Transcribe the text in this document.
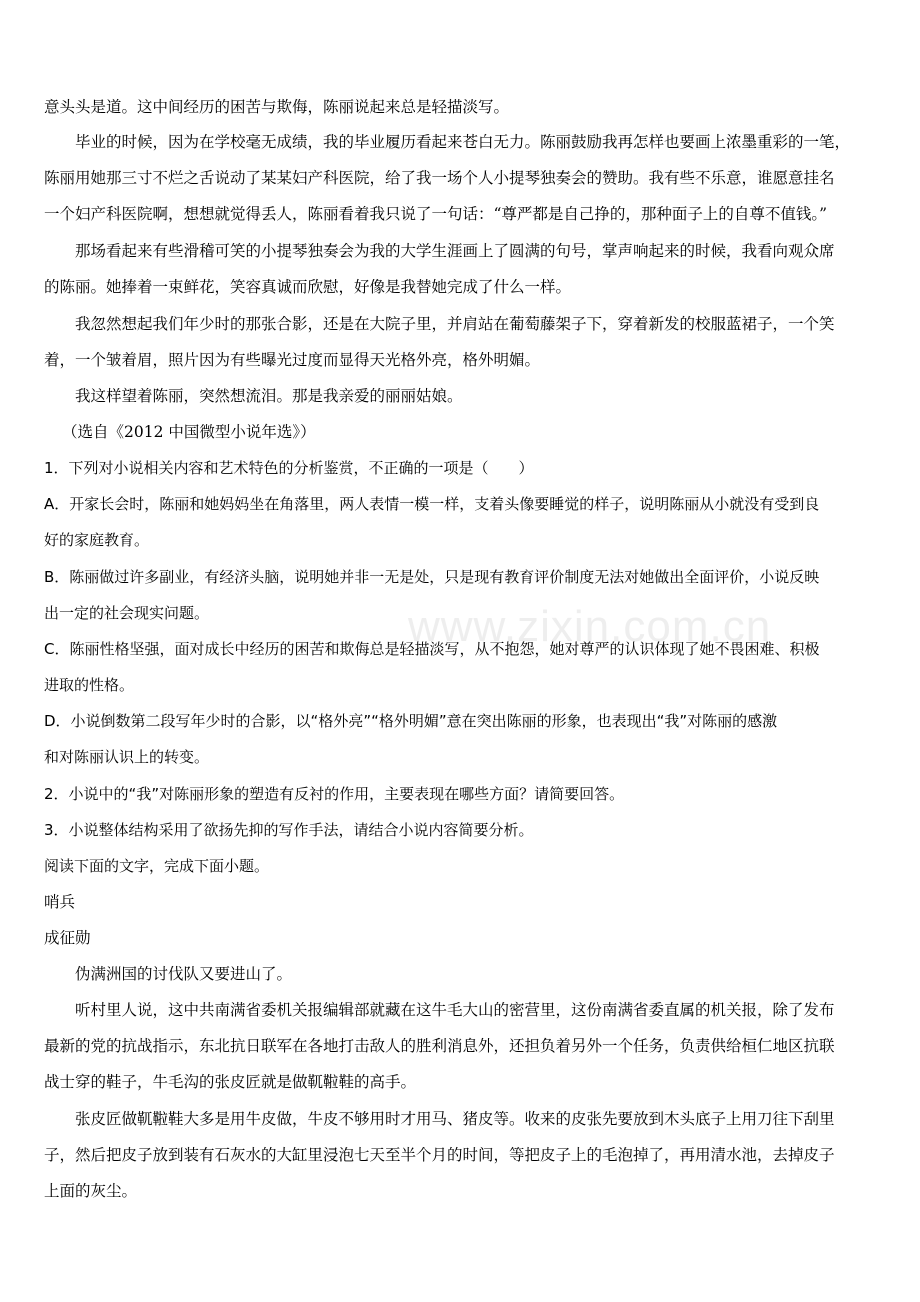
www.zixin.com.cn
意头头是道。这中间经历的困苦与欺侮，陈丽说起来总是轻描淡写。
毕业的时候，因为在学校毫无成绩，我的毕业履历看起来苍白无力。陈丽鼓励我再怎样也要画上浓墨重彩的一笔，
陈丽用她那三寸不烂之舌说动了某某妇产科医院，给了我一场个人小提琴独奏会的赞助。我有些不乐意，谁愿意挂名
一个妇产科医院啊，想想就觉得丢人，陈丽看着我只说了一句话：“尊严都是自己挣的，那种面子上的自尊不值钱。”
那场看起来有些滑稽可笑的小提琴独奏会为我的大学生涯画上了圆满的句号，掌声响起来的时候，我看向观众席
的陈丽。她捧着一束鲜花，笑容真诚而欣慰，好像是我替她完成了什么一样。
我忽然想起我们年少时的那张合影，还是在大院子里，并肩站在葡萄藤架子下，穿着新发的校服蓝裙子，一个笑
着，一个皱着眉，照片因为有些曝光过度而显得天光格外亮，格外明媚。
我这样望着陈丽，突然想流泪。那是我亲爱的丽丽姑娘。
（选自《2012 中国微型小说年选》）
1．下列对小说相关内容和艺术特色的分析鉴赏，不正确的一项是（　　）
A．开家长会时，陈丽和她妈妈坐在角落里，两人表情一模一样，支着头像要睡觉的样子，说明陈丽从小就没有受到良
好的家庭教育。
B．陈丽做过许多副业，有经济头脑，说明她并非一无是处，只是现有教育评价制度无法对她做出全面评价，小说反映
出一定的社会现实问题。
C．陈丽性格坚强，面对成长中经历的困苦和欺侮总是轻描淡写，从不抱怨，她对尊严的认识体现了她不畏困难、积极
进取的性格。
D．小说倒数第二段写年少时的合影，以“格外亮”“格外明媚”意在突出陈丽的形象，也表现出“我”对陈丽的感激
和对陈丽认识上的转变。
2．小说中的“我”对陈丽形象的塑造有反衬的作用，主要表现在哪些方面？请简要回答。
3．小说整体结构采用了欲扬先抑的写作手法，请结合小说内容简要分析。
阅读下面的文字，完成下面小题。
哨兵
成征勋
伪满洲国的讨伐队又要进山了。
听村里人说，这中共南满省委机关报编辑部就藏在这牛毛大山的密营里，这份南满省委直属的机关报，除了发布
最新的党的抗战指示，东北抗日联军在各地打击敌人的胜利消息外，还担负着另外一个任务，负责供给桓仁地区抗联
战士穿的鞋子，牛毛沟的张皮匠就是做靰鞡鞋的高手。
张皮匠做靰鞡鞋大多是用牛皮做，牛皮不够用时才用马、猪皮等。收来的皮张先要放到木头底子上用刀往下刮里
子，然后把皮子放到装有石灰水的大缸里浸泡七天至半个月的时间，等把皮子上的毛泡掉了，再用清水池，去掉皮子
上面的灰尘。
